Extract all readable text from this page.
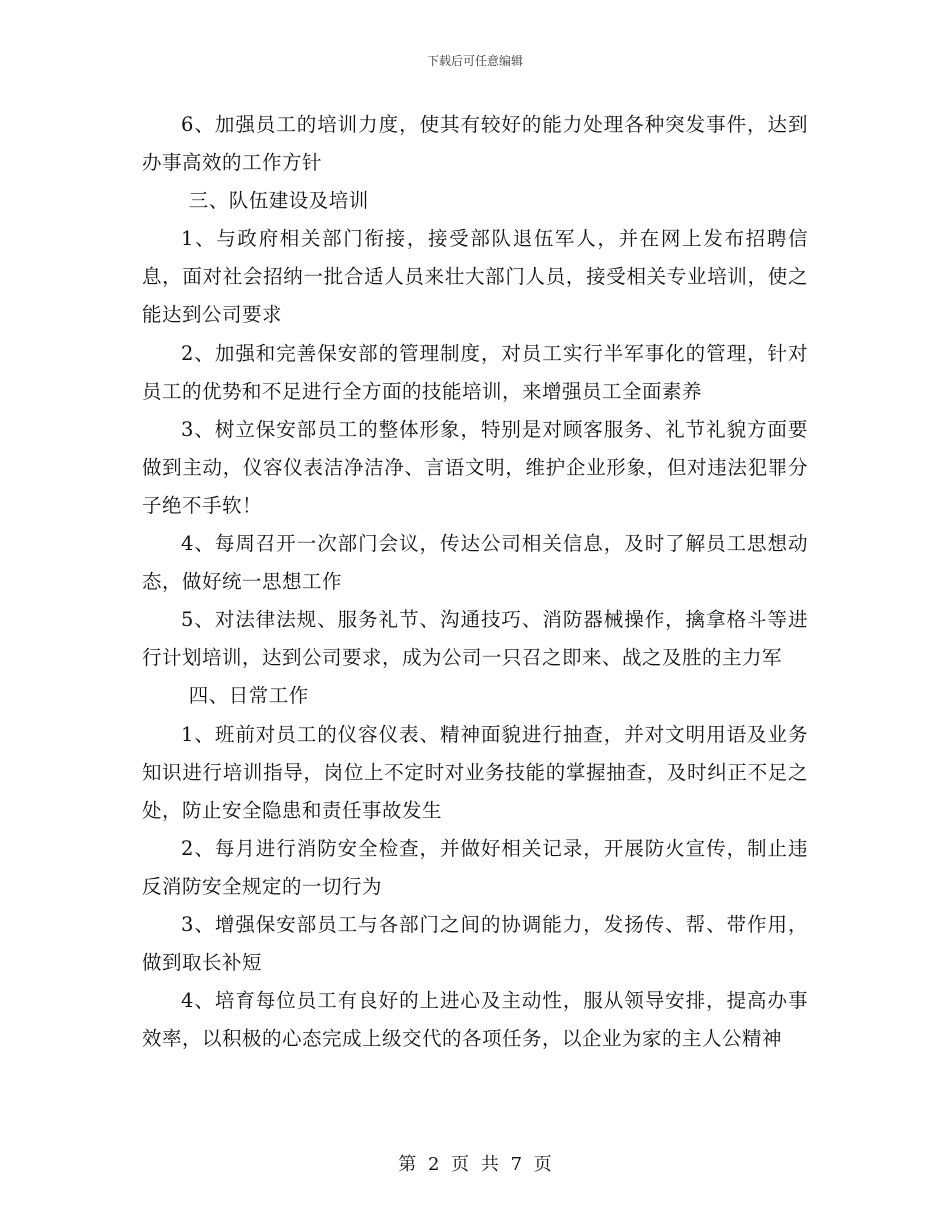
下载后可任意编辑

6、加强员工的培训力度，使其有较好的能力处理各种突发事件，达到办事高效的工作方针

三、队伍建设及培训

1、与政府相关部门衔接，接受部队退伍军人，并在网上发布招聘信息，面对社会招纳一批合适人员来壮大部门人员，接受相关专业培训，使之能达到公司要求

2、加强和完善保安部的管理制度，对员工实行半军事化的管理，针对员工的优势和不足进行全方面的技能培训，来增强员工全面素养

3、树立保安部员工的整体形象，特别是对顾客服务、礼节礼貌方面要做到主动，仪容仪表洁净洁净、言语文明，维护企业形象，但对违法犯罪分子绝不手软！

4、每周召开一次部门会议，传达公司相关信息，及时了解员工思想动态，做好统一思想工作

5、对法律法规、服务礼节、沟通技巧、消防器械操作，擒拿格斗等进行计划培训，达到公司要求，成为公司一只召之即来、战之及胜的主力军

四、日常工作

1、班前对员工的仪容仪表、精神面貌进行抽查，并对文明用语及业务知识进行培训指导，岗位上不定时对业务技能的掌握抽查，及时纠正不足之处，防止安全隐患和责任事故发生

2、每月进行消防安全检查，并做好相关记录，开展防火宣传，制止违反消防安全规定的一切行为

3、增强保安部员工与各部门之间的协调能力，发扬传、帮、带作用，做到取长补短

4、培育每位员工有良好的上进心及主动性，服从领导安排，提高办事效率，以积极的心态完成上级交代的各项任务，以企业为家的主人公精神

第 2 页 共 7 页
